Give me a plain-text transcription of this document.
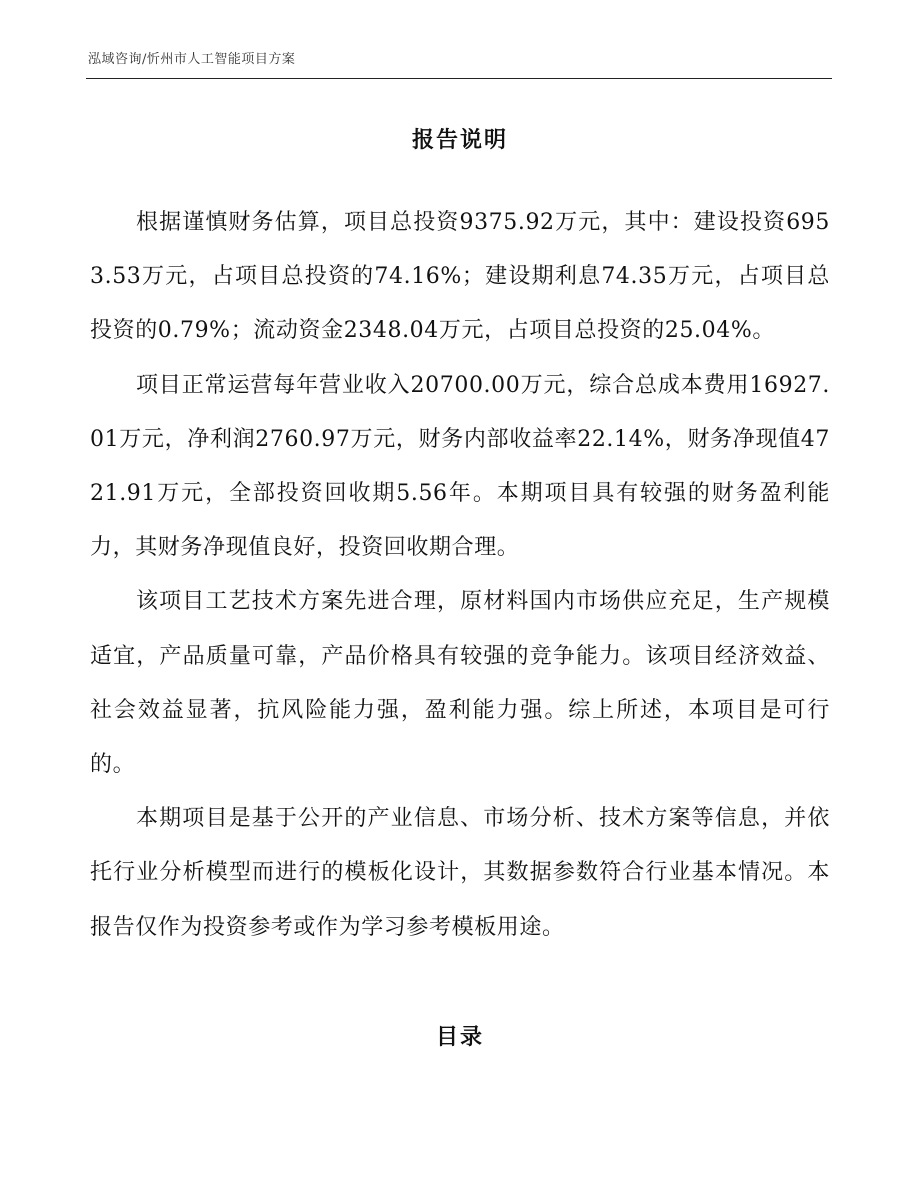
泓域咨询/忻州市人工智能项目方案
报告说明

根据谨慎财务估算，项目总投资9375.92万元，其中：建设投资6953.53万元，占项目总投资的74.16%；建设期利息74.35万元，占项目总投资的0.79%；流动资金2348.04万元，占项目总投资的25.04%。

项目正常运营每年营业收入20700.00万元，综合总成本费用16927.01万元，净利润2760.97万元，财务内部收益率22.14%，财务净现值4721.91万元，全部投资回收期5.56年。本期项目具有较强的财务盈利能力，其财务净现值良好，投资回收期合理。

该项目工艺技术方案先进合理，原材料国内市场供应充足，生产规模适宜，产品质量可靠，产品价格具有较强的竞争能力。该项目经济效益、社会效益显著，抗风险能力强，盈利能力强。综上所述，本项目是可行的。

本期项目是基于公开的产业信息、市场分析、技术方案等信息，并依托行业分析模型而进行的模板化设计，其数据参数符合行业基本情况。本报告仅作为投资参考或作为学习参考模板用途。

目录
